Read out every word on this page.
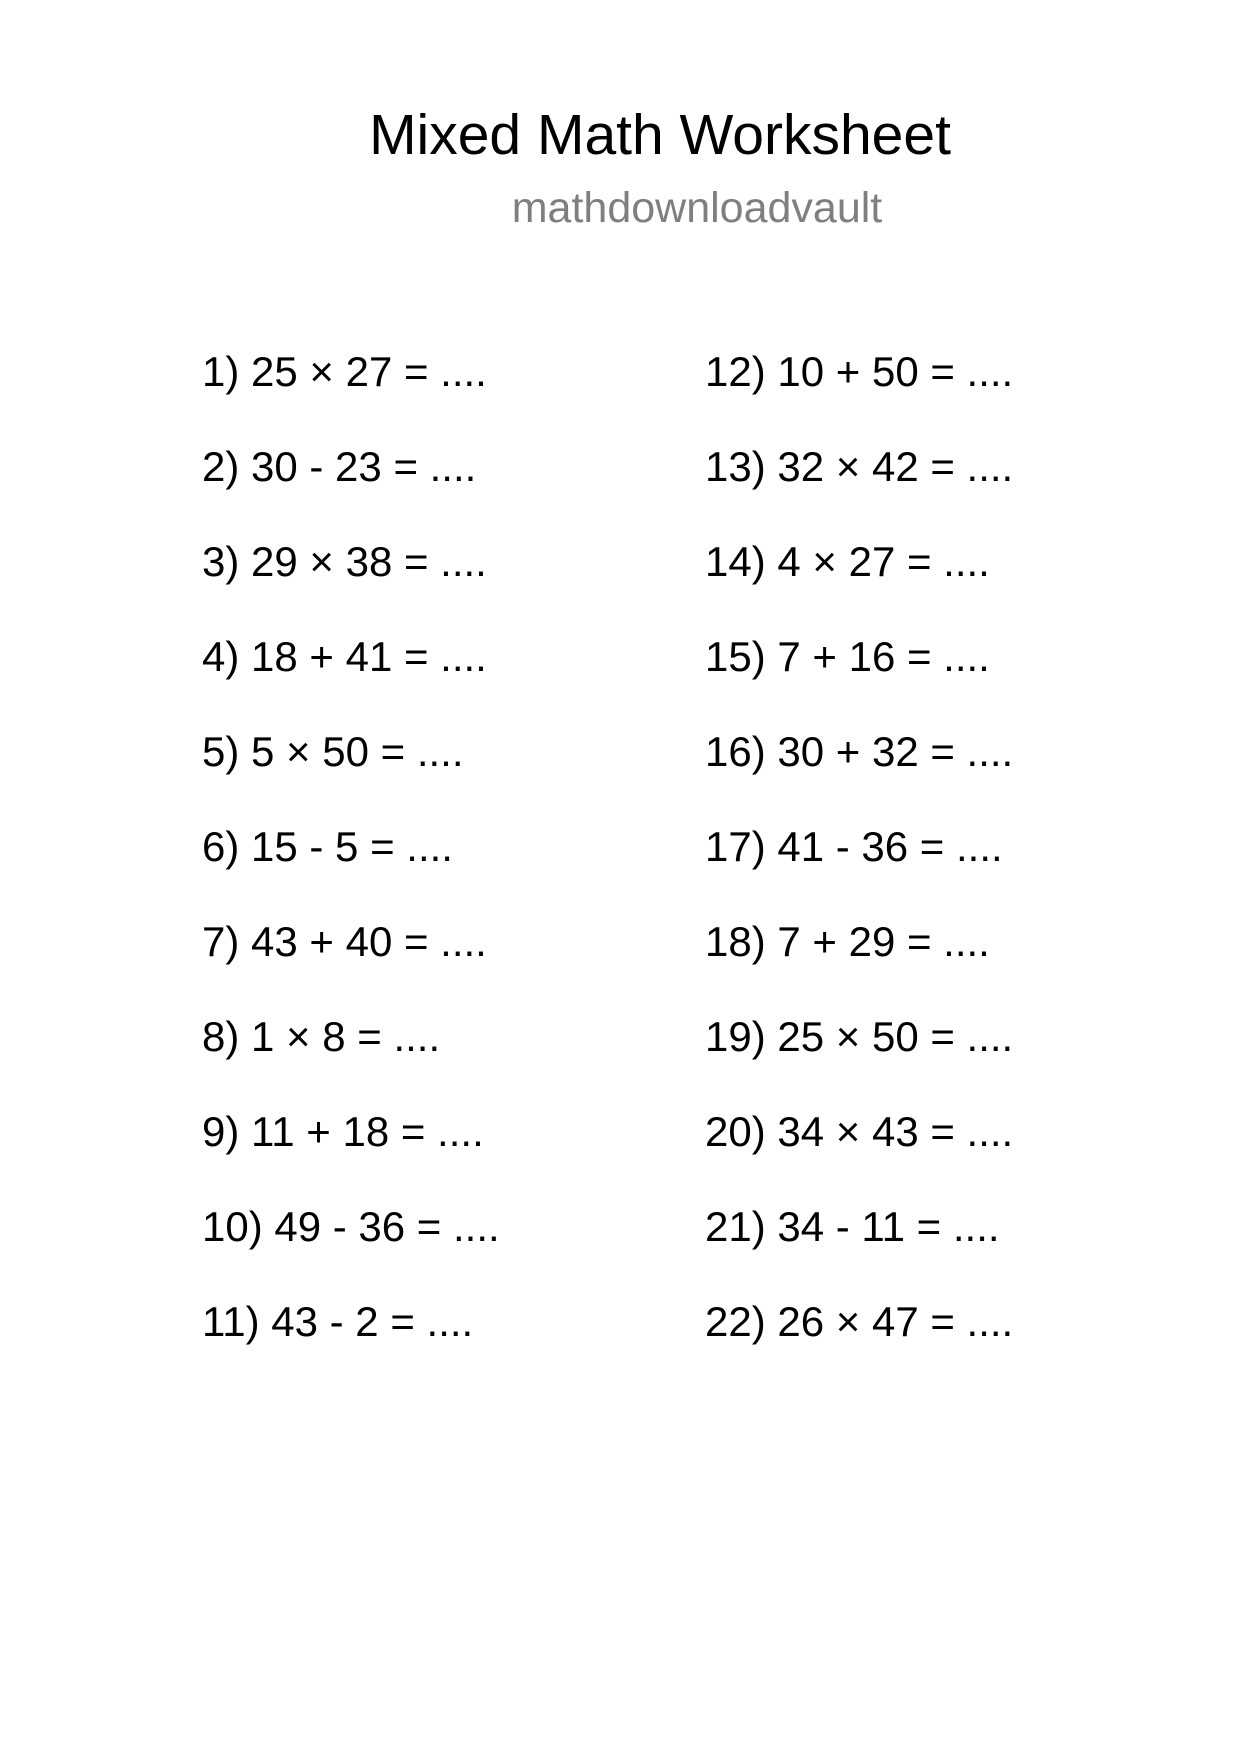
Mixed Math Worksheet
mathdownloadvault
1) 25 × 27 = ....
2) 30 - 23 = ....
3) 29 × 38 = ....
4) 18 + 41 = ....
5) 5 × 50 = ....
6) 15 - 5 = ....
7) 43 + 40 = ....
8) 1 × 8 = ....
9) 11 + 18 = ....
10) 49 - 36 = ....
11) 43 - 2 = ....
12) 10 + 50 = ....
13) 32 × 42 = ....
14) 4 × 27 = ....
15) 7 + 16 = ....
16) 30 + 32 = ....
17) 41 - 36 = ....
18) 7 + 29 = ....
19) 25 × 50 = ....
20) 34 × 43 = ....
21) 34 - 11 = ....
22) 26 × 47 = ....
